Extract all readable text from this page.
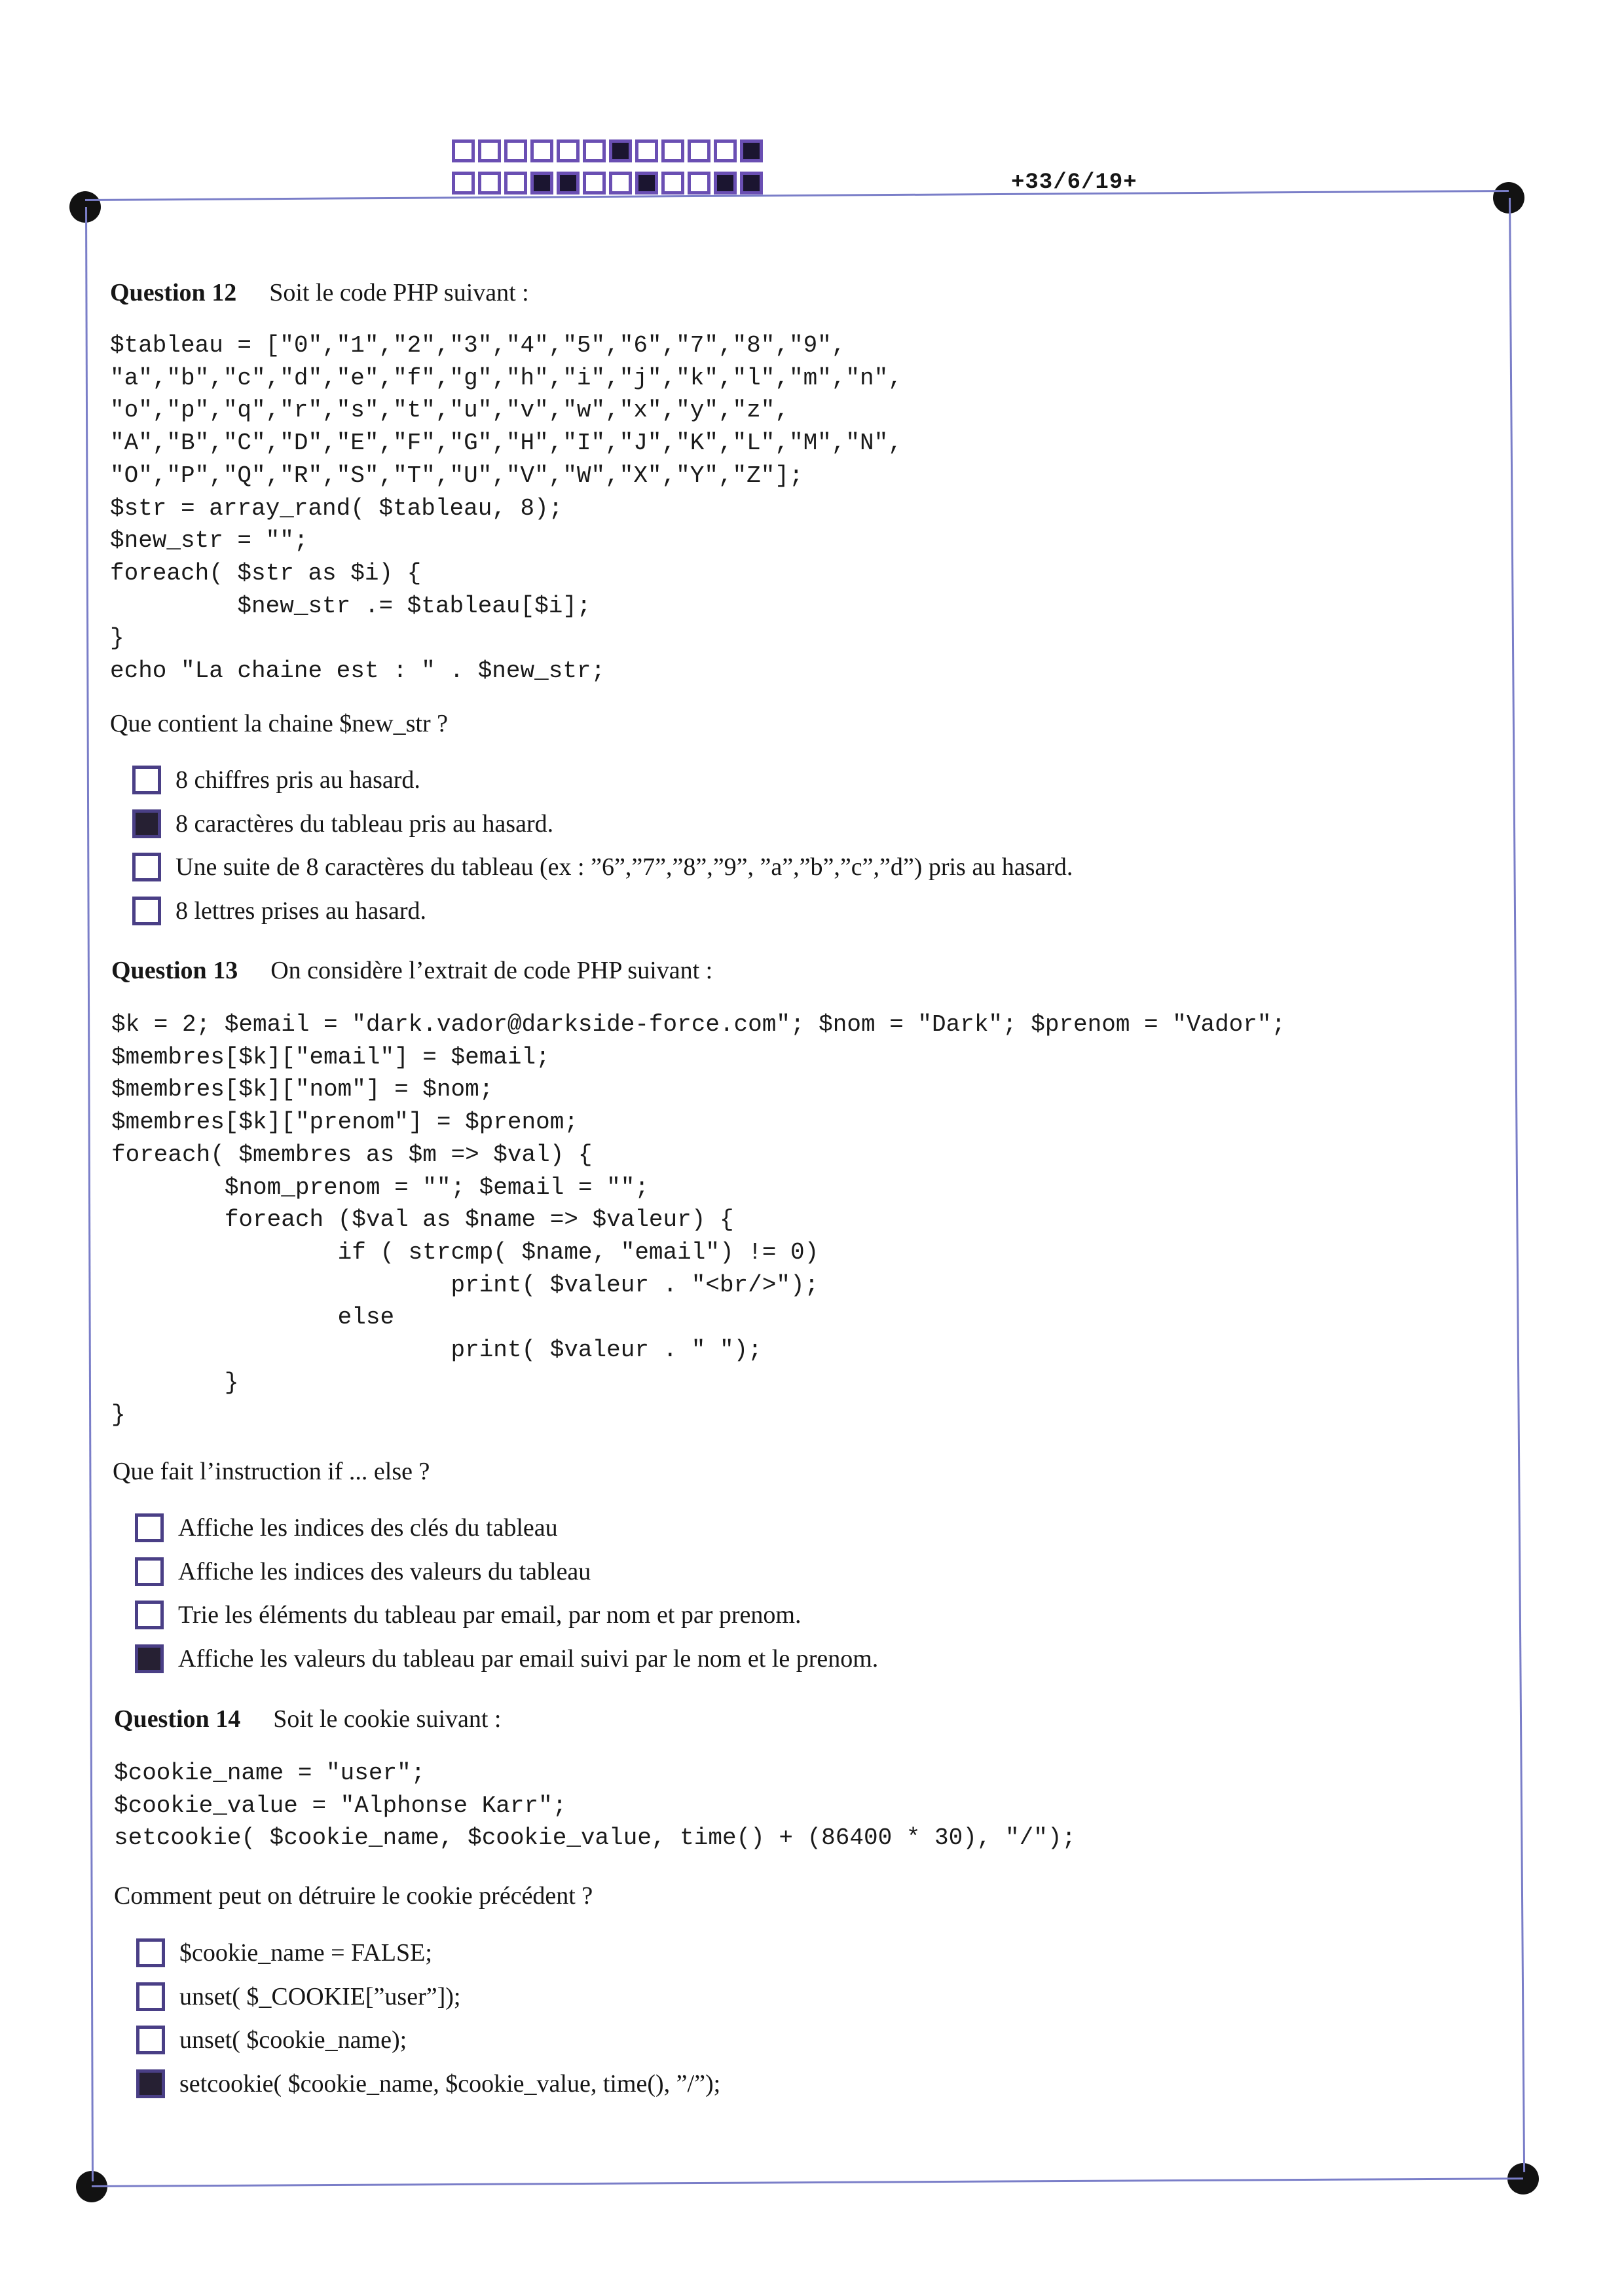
+33/6/19+
Question 12 Soit le code PHP suivant :
$tableau = ["0","1","2","3","4","5","6","7","8","9",
"a","b","c","d","e","f","g","h","i","j","k","l","m","n",
"o","p","q","r","s","t","u","v","w","x","y","z",
"A","B","C","D","E","F","G","H","I","J","K","L","M","N",
"O","P","Q","R","S","T","U","V","W","X","Y","Z"];
$str = array_rand( $tableau, 8);
$new_str = "";
foreach( $str as $i) {
$new_str .= $tableau[$i];
}
echo "La chaine est : " . $new_str;
Que contient la chaine $new_str ?
8 chiffres pris au hasard.
8 caractères du tableau pris au hasard.
Une suite de 8 caractères du tableau (ex : ”6”,”7”,”8”,”9”, ”a”,”b”,”c”,”d”) pris au hasard.
8 lettres prises au hasard.
Question 13 On considère l’extrait de code PHP suivant :
$k = 2; $email = "dark.vador@darkside-force.com"; $nom = "Dark"; $prenom = "Vador";
$membres[$k]["email"] = $email;
$membres[$k]["nom"] = $nom;
$membres[$k]["prenom"] = $prenom;
foreach( $membres as $m => $val) {
$nom_prenom = ""; $email = "";
foreach ($val as $name => $valeur) {
if ( strcmp( $name, "email") != 0)
print( $valeur . "<br/>");
else
print( $valeur . " ");
}
}
Que fait l’instruction if ... else ?
Affiche les indices des clés du tableau
Affiche les indices des valeurs du tableau
Trie les éléments du tableau par email, par nom et par prenom.
Affiche les valeurs du tableau par email suivi par le nom et le prenom.
Question 14 Soit le cookie suivant :
$cookie_name = "user";
$cookie_value = "Alphonse Karr";
setcookie( $cookie_name, $cookie_value, time() + (86400 * 30), "/");
Comment peut on détruire le cookie précédent ?
$cookie_name = FALSE;
unset( $_COOKIE[”user”]);
unset( $cookie_name);
setcookie( $cookie_name, $cookie_value, time(), ”/”);
